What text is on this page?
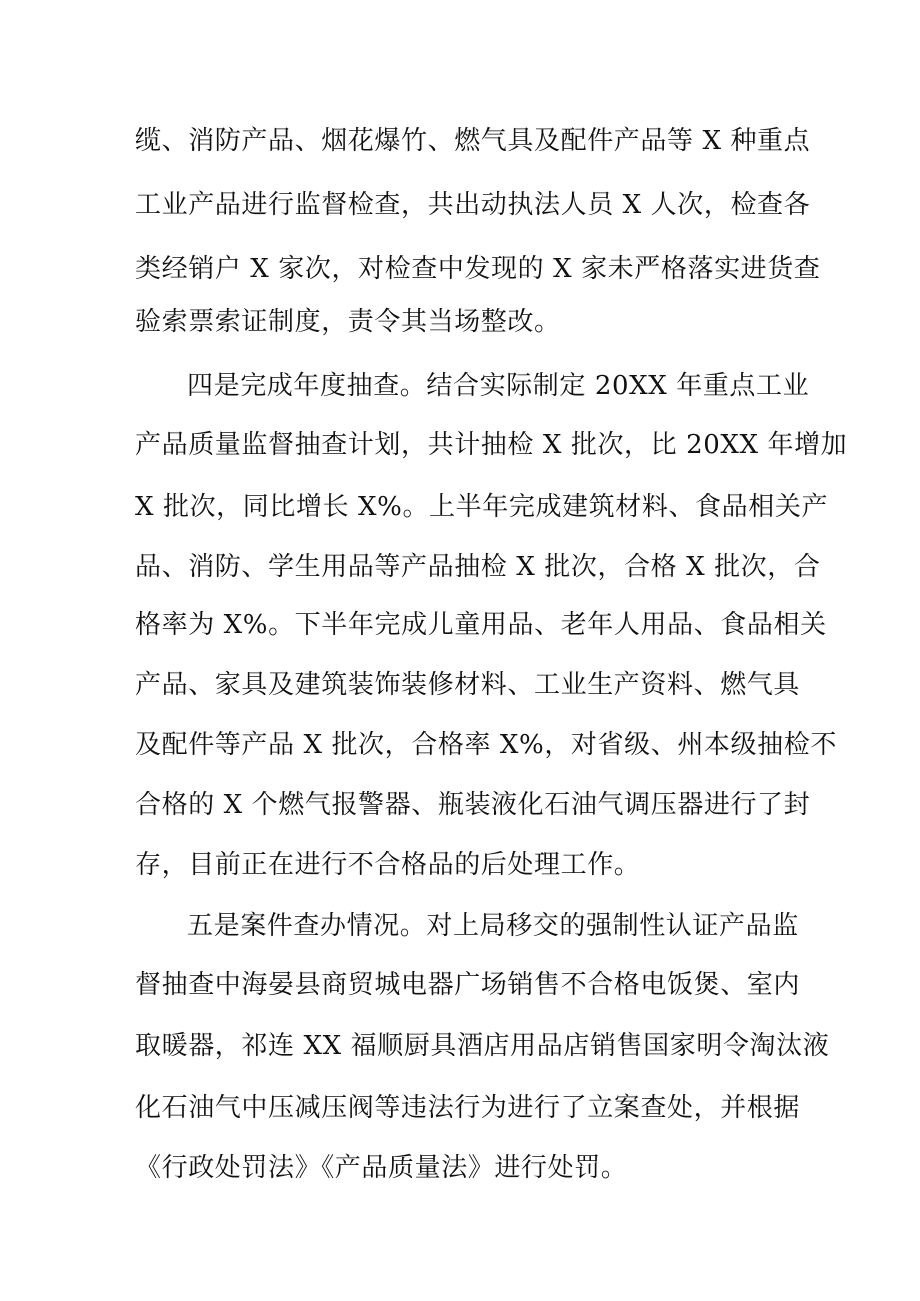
缆、消防产品、烟花爆竹、燃气具及配件产品等 X 种重点
工业产品进行监督检查，共出动执法人员 X 人次，检查各
类经销户 X 家次，对检查中发现的 X 家未严格落实进货查
验索票索证制度，责令其当场整改。
四是完成年度抽查。结合实际制定 20XX 年重点工业
产品质量监督抽查计划，共计抽检 X 批次，比 20XX 年增加
X 批次，同比增长 X%。上半年完成建筑材料、食品相关产
品、消防、学生用品等产品抽检 X 批次，合格 X 批次，合
格率为 X%。下半年完成儿童用品、老年人用品、食品相关
产品、家具及建筑装饰装修材料、工业生产资料、燃气具
及配件等产品 X 批次，合格率 X%，对省级、州本级抽检不
合格的 X 个燃气报警器、瓶装液化石油气调压器进行了封
存，目前正在进行不合格品的后处理工作。
五是案件查办情况。对上局移交的强制性认证产品监
督抽查中海晏县商贸城电器广场销售不合格电饭煲、室内
取暖器，祁连 XX 福顺厨具酒店用品店销售国家明令淘汰液
化石油气中压减压阀等违法行为进行了立案查处，并根据
《行政处罚法》《产品质量法》进行处罚。
